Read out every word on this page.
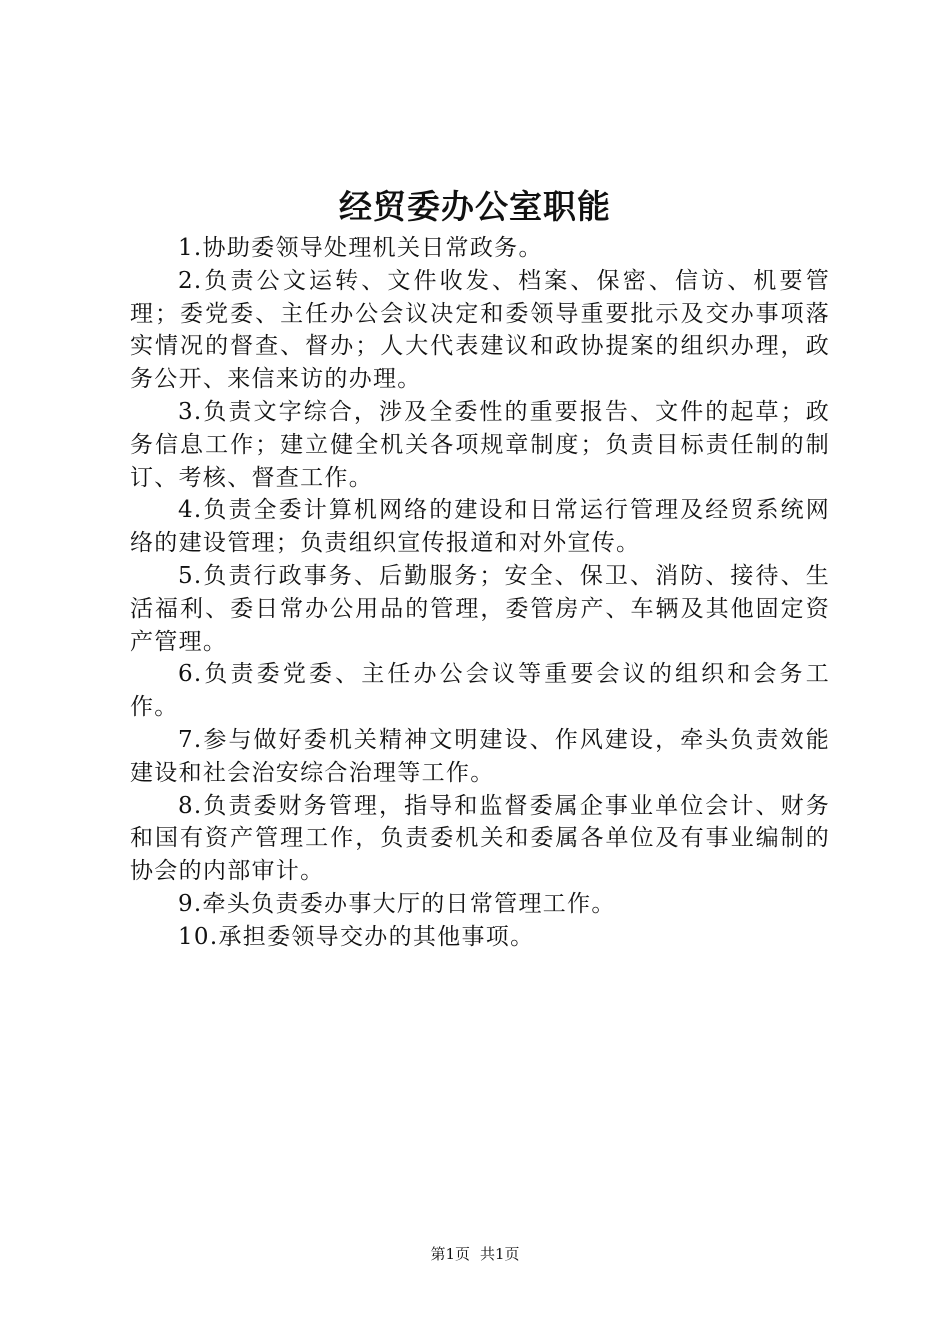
经贸委办公室职能

1.协助委领导处理机关日常政务。

2.负责公文运转、文件收发、档案、保密、信访、机要管理；委党委、主任办公会议决定和委领导重要批示及交办事项落实情况的督查、督办；人大代表建议和政协提案的组织办理，政务公开、来信来访的办理。

3.负责文字综合，涉及全委性的重要报告、文件的起草；政务信息工作；建立健全机关各项规章制度；负责目标责任制的制订、考核、督查工作。

4.负责全委计算机网络的建设和日常运行管理及经贸系统网络的建设管理；负责组织宣传报道和对外宣传。

5.负责行政事务、后勤服务；安全、保卫、消防、接待、生活福利、委日常办公用品的管理，委管房产、车辆及其他固定资产管理。

6.负责委党委、主任办公会议等重要会议的组织和会务工作。

7.参与做好委机关精神文明建设、作风建设，牵头负责效能建设和社会治安综合治理等工作。

8.负责委财务管理，指导和监督委属企事业单位会计、财务和国有资产管理工作，负责委机关和委属各单位及有事业编制的协会的内部审计。

9.牵头负责委办事大厅的日常管理工作。

10.承担委领导交办的其他事项。

第1页 共1页
